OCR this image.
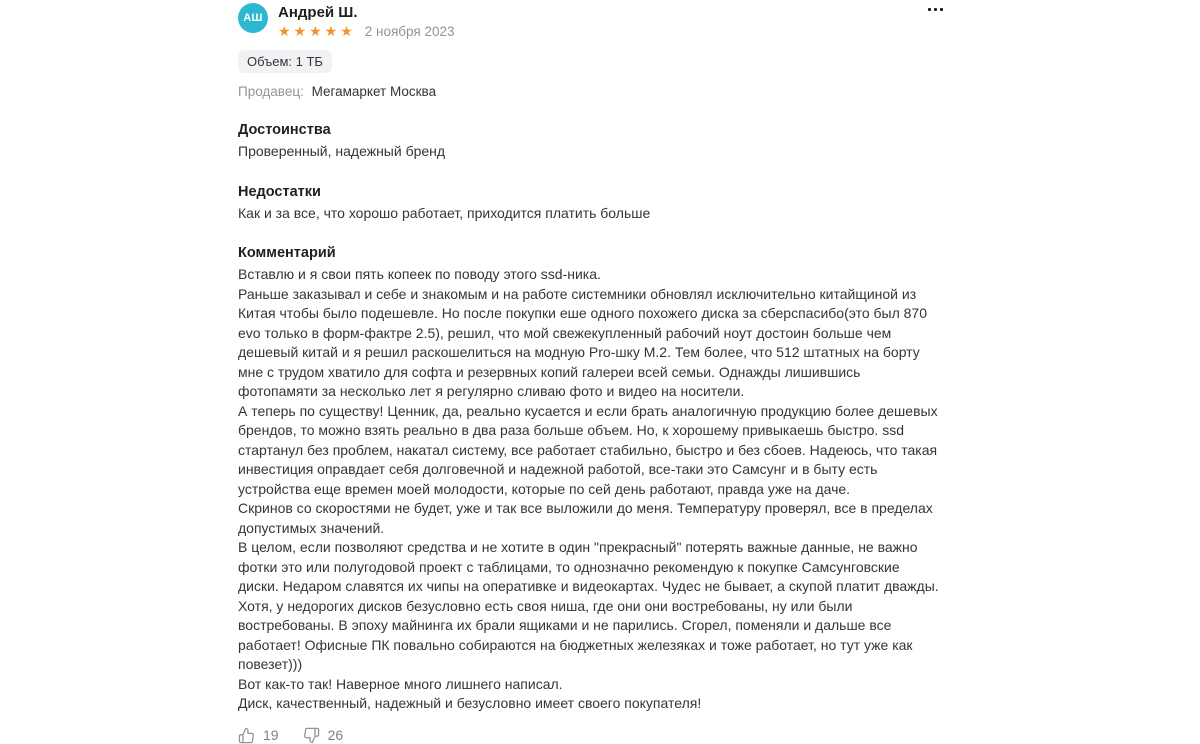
АШ	Андрей Ш.
★★★★★ 2 ноября 2023
Объем: 1 ТБ
Продавец: Мегамаркет Москва
Достоинства
Проверенный, надежный бренд
Недостатки
Как и за все, что хорошо работает, приходится платить больше
Комментарий
Вставлю и я свои пять копеек по поводу этого ssd-ника.
Раньше заказывал и себе и знакомым и на работе системники обновлял исключительно китайщиной из Китая чтобы было подешевле. Но после покупки еше одного похожего диска за сберспасибо(это был 870 evo только в форм-фактре 2.5), решил, что мой свежекупленный рабочий ноут достоин больше чем дешевый китай и я решил раскошелиться на модную Pro-шку M.2. Тем более, что 512 штатных на борту мне с трудом хватило для софта и резервных копий галереи всей семьи. Однажды лишившись фотопамяти за несколько лет я регулярно сливаю фото и видео на носители.
А теперь по существу! Ценник, да, реально кусается и если брать аналогичную продукцию более дешевых брендов, то можно взять реально в два раза больше объем. Но, к хорошему привыкаешь быстро. ssd стартанул без проблем, накатал систему, все работает стабильно, быстро и без сбоев. Надеюсь, что такая инвестиция оправдает себя долговечной и надежной работой, все-таки это Самсунг и в быту есть устройства еще времен моей молодости, которые по сей день работают, правда уже на даче.
Скринов со скоростями не будет, уже и так все выложили до меня. Температуру проверял, все в пределах допустимых значений.
В целом, если позволяют средства и не хотите в один "прекрасный" потерять важные данные, не важно фотки это или полугодовой проект с таблицами, то однозначно рекомендую к покупке Самсунговские диски. Недаром славятся их чипы на оперативке и видеокартах. Чудес не бывает, а скупой платит дважды. Хотя, у недорогих дисков безусловно есть своя ниша, где они они востребованы, ну или были востребованы. В эпоху майнинга их брали ящиками и не парились. Сгорел, поменяли и дальше все работает! Офисные ПК повально собираются на бюджетных железяках и тоже работает, но тут уже как повезет)))
Вот как-то так! Наверное много лишнего написал.
Диск, качественный, надежный и безусловно имеет своего покупателя!
19	26
